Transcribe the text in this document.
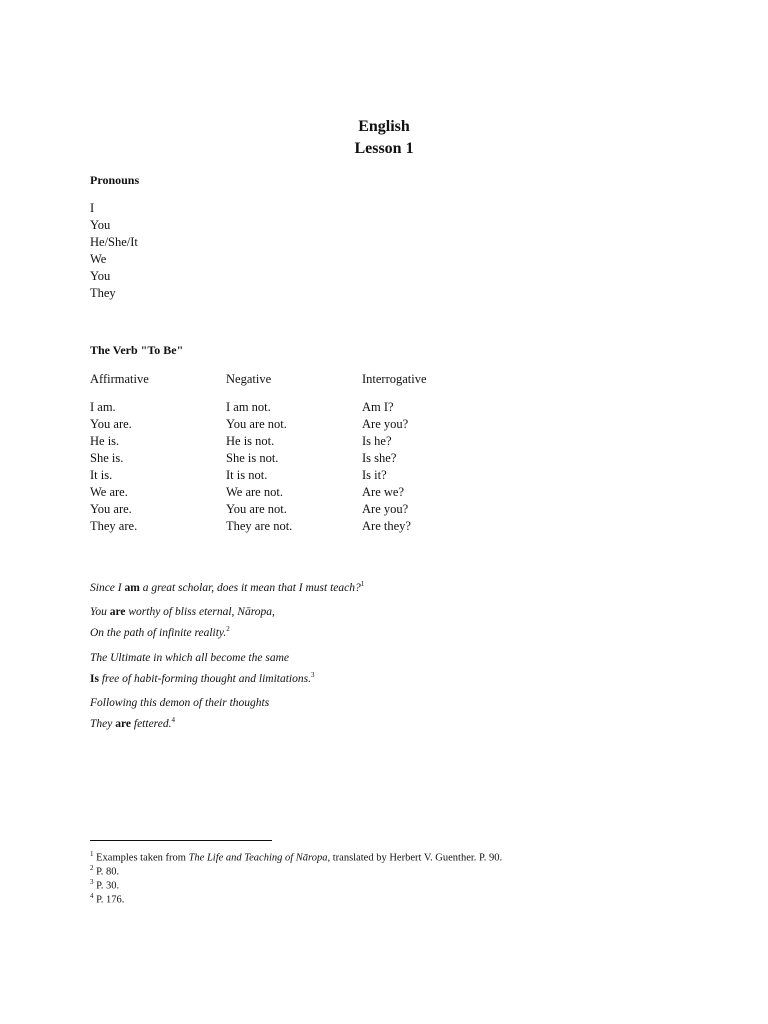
English
Lesson 1
Pronouns
I
You
He/She/It
We
You
They
The Verb "To Be"
Affirmative	Negative	Interrogative
I am.
You are.
He is.
She is.
It is.
We are.
You are.
They are.
I am not.
You are not.
He is not.
She is not.
It is not.
We are not.
You are not.
They are not.
Am I?
Are you?
Is he?
Is she?
Is it?
Are we?
Are you?
Are they?
Since I am a great scholar, does it mean that I must teach?$^1$
You are worthy of bliss eternal, Nāropa,
On the path of infinite reality.$^2$
The Ultimate in which all become the same
Is free of habit-forming thought and limitations.$^3$
Following this demon of their thoughts
They are fettered.$^4$
$^1$ Examples taken from The Life and Teaching of Nāropa, translated by Herbert V. Guenther. P. 90.
$^2$ P. 80.
$^3$ P. 30.
$^4$ P. 176.
